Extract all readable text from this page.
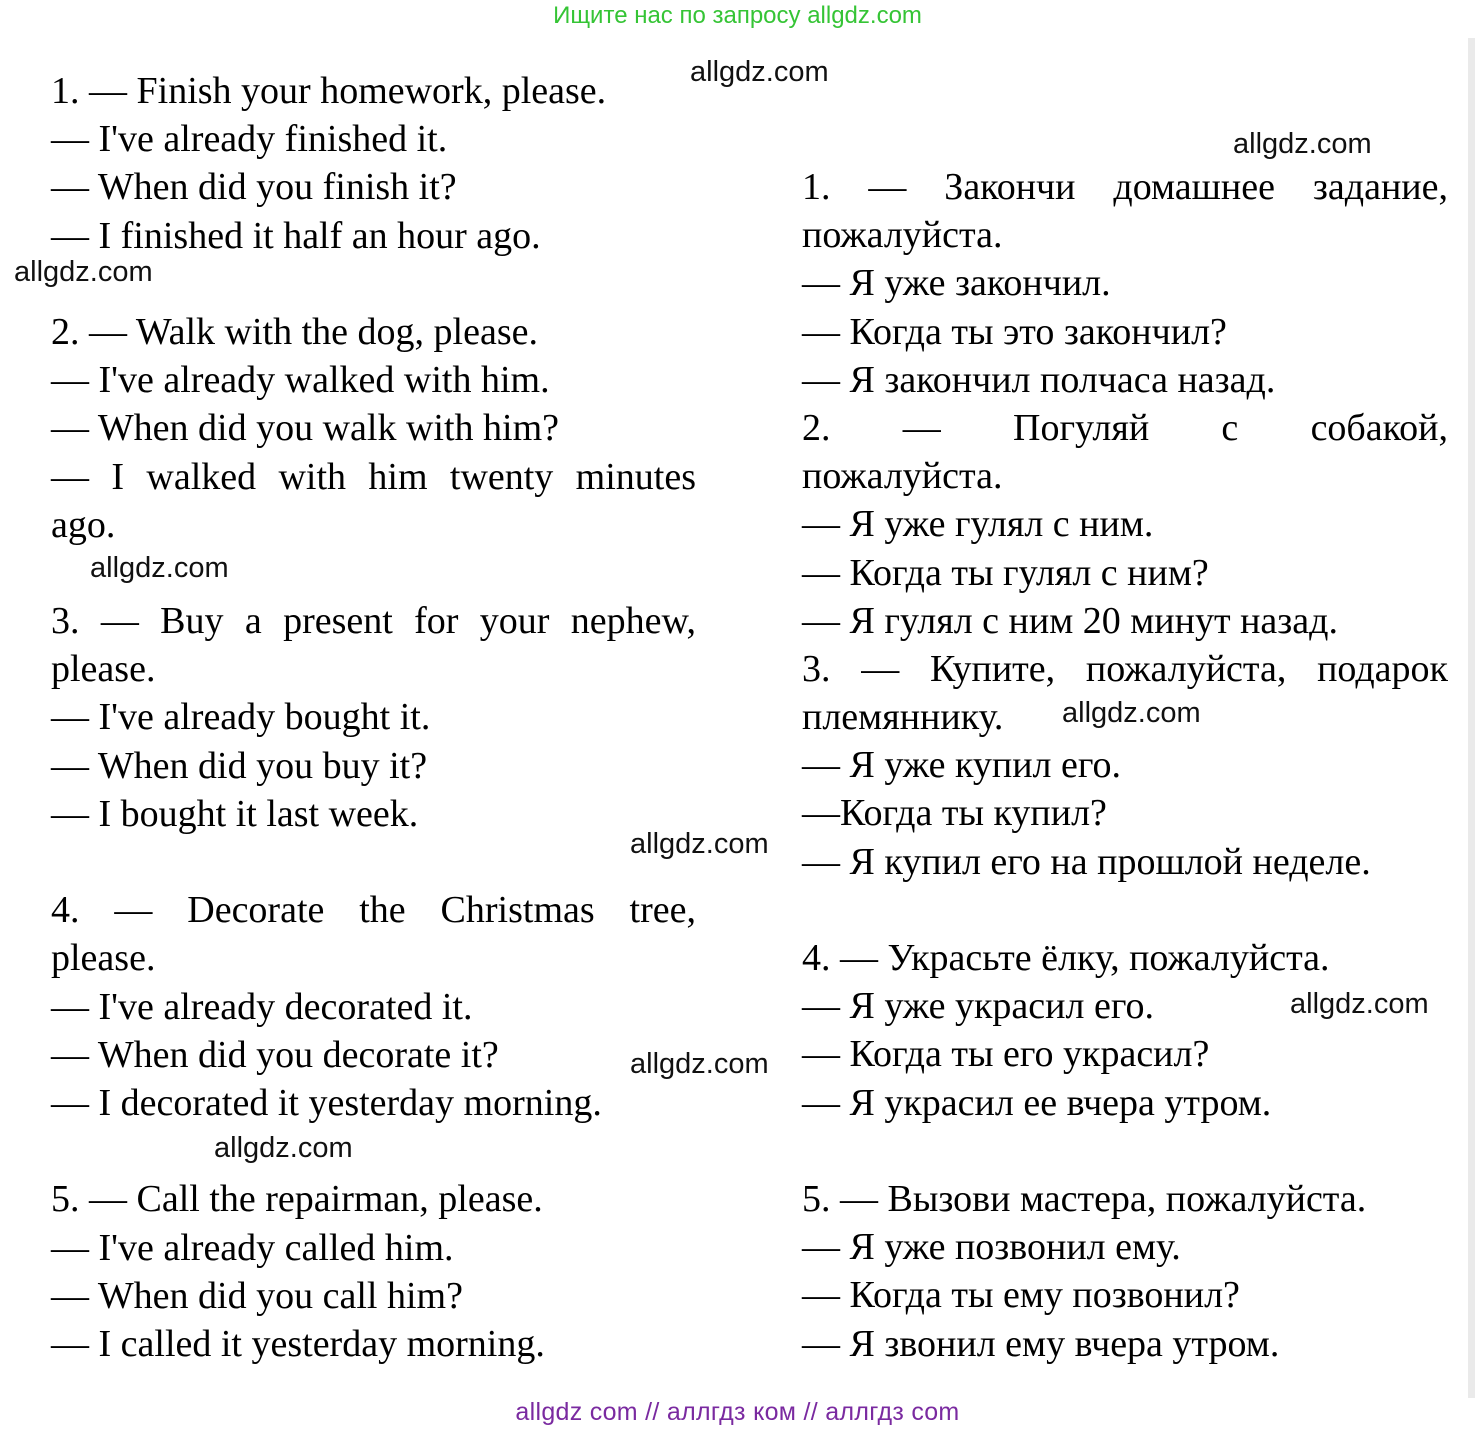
Ищите нас по запросу allgdz.com
1. — Finish your homework, please.
— I've already finished it.
— When did you finish it?
— I finished it half an hour ago.
2. — Walk with the dog, please.
— I've already walked with him.
— When did you walk with him?
— I walked with him twenty minutes
ago.
3. — Buy a present for your nephew,
please.
— I've already bought it.
— When did you buy it?
— I bought it last week.
4. — Decorate the Christmas tree,
please.
— I've already decorated it.
— When did you decorate it?
— I decorated it yesterday morning.
5. — Call the repairman, please.
— I've already called him.
— When did you call him?
— I called it yesterday morning.
1. — Закончи домашнее задание,
пожалуйста.
— Я уже закончил.
— Когда ты это закончил?
— Я закончил полчаса назад.
2. — Погуляй с собакой,
пожалуйста.
— Я уже гулял с ним.
— Когда ты гулял с ним?
— Я гулял с ним 20 минут назад.
3. — Купите, пожалуйста, подарок
племяннику.
— Я уже купил его.
—Когда ты купил?
— Я купил его на прошлой неделе.
4. — Украсьте ёлку, пожалуйста.
— Я уже украсил его.
— Когда ты его украсил?
— Я украсил ее вчера утром.
5. — Вызови мастера, пожалуйста.
— Я уже позвонил ему.
— Когда ты ему позвонил?
— Я звонил ему вчера утром.
allgdz.com
allgdz.com
allgdz.com
allgdz.com
allgdz.com
allgdz.com
allgdz.com
allgdz.com
allgdz.com
allgdz com // аллгдз ком // аллгдз com
